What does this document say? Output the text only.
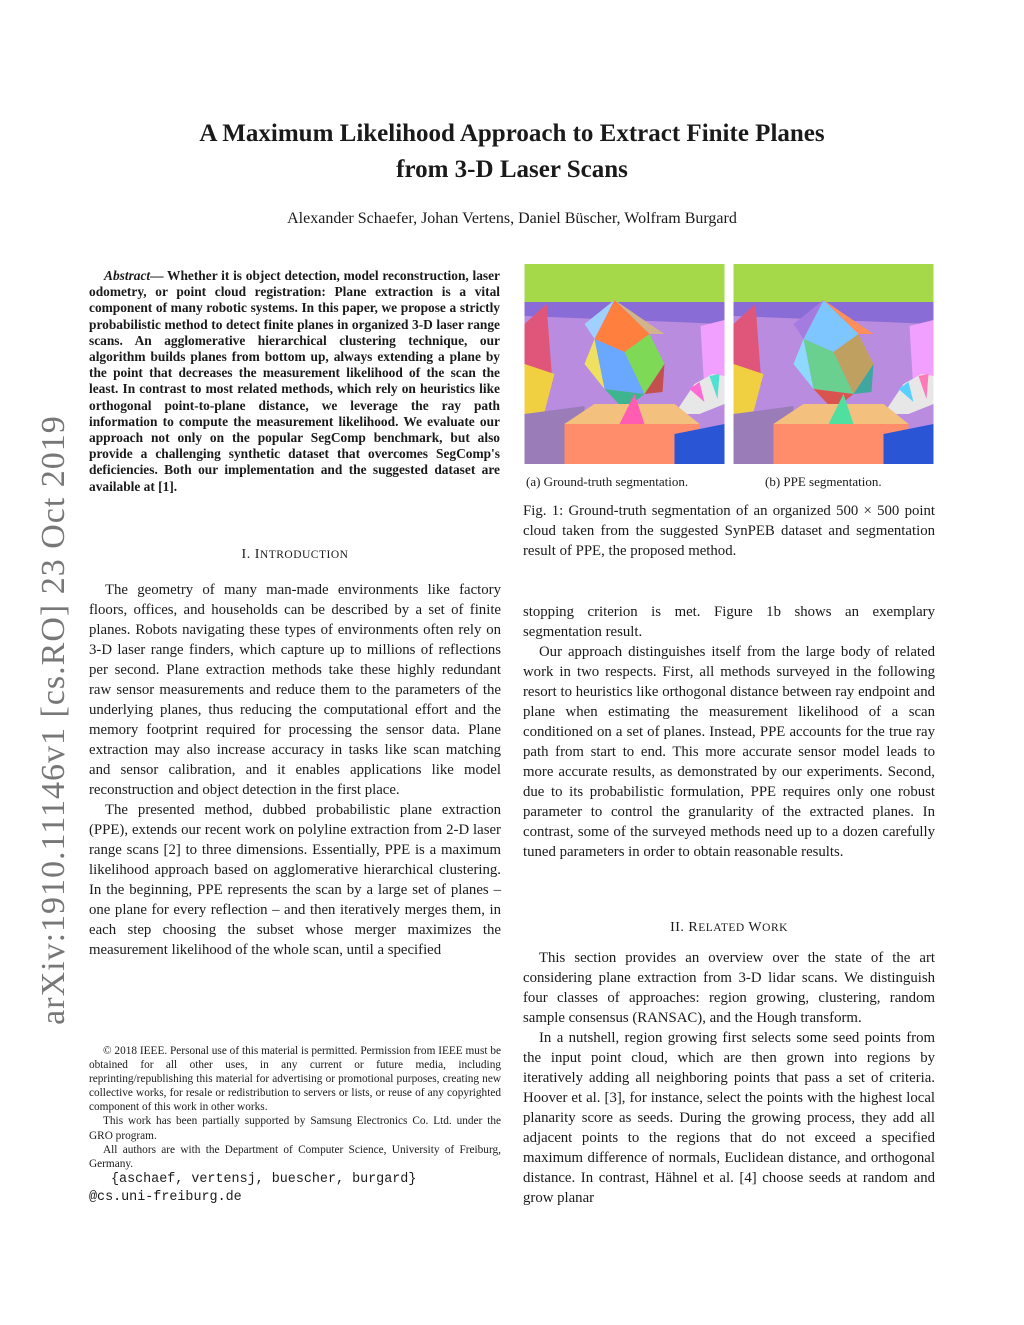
arXiv:1910.11146v1 [cs.RO] 23 Oct 2019
A Maximum Likelihood Approach to Extract Finite Planes
from 3-D Laser Scans
Alexander Schaefer, Johan Vertens, Daniel Büscher, Wolfram Burgard
Abstract— Whether it is object detection, model reconstruction, laser odometry, or point cloud registration: Plane extraction is a vital component of many robotic systems. In this paper, we propose a strictly probabilistic method to detect finite planes in organized 3-D laser range scans. An agglomerative hierarchical clustering technique, our algorithm builds planes from bottom up, always extending a plane by the point that decreases the measurement likelihood of the scan the least. In contrast to most related methods, which rely on heuristics like orthogonal point-to-plane distance, we leverage the ray path information to compute the measurement likelihood. We evaluate our approach not only on the popular SegComp benchmark, but also provide a challenging synthetic dataset that overcomes SegComp's deficiencies. Both our implementation and the suggested dataset are available at [1].
I. INTRODUCTION

The geometry of many man-made environments like factory floors, offices, and households can be described by a set of finite planes. Robots navigating these types of environments often rely on 3-D laser range finders, which capture up to millions of reflections per second. Plane extraction methods take these highly redundant raw sensor measurements and reduce them to the parameters of the underlying planes, thus reducing the computational effort and the memory footprint required for processing the sensor data. Plane extraction may also increase accuracy in tasks like scan matching and sensor calibration, and it enables applications like model reconstruction and object detection in the first place.

The presented method, dubbed probabilistic plane extraction (PPE), extends our recent work on polyline extraction from 2-D laser range scans [2] to three dimensions. Essentially, PPE is a maximum likelihood approach based on agglomerative hierarchical clustering. In the beginning, PPE represents the scan by a large set of planes – one plane for every reflection – and then iteratively merges them, in each step choosing the subset whose merger maximizes the measurement likelihood of the whole scan, until a specified

© 2018 IEEE. Personal use of this material is permitted. Permission from IEEE must be obtained for all other uses, in any current or future media, including reprinting/republishing this material for advertising or promotional purposes, creating new collective works, for resale or redistribution to servers or lists, or reuse of any copyrighted component of this work in other works.

This work has been partially supported by Samsung Electronics Co. Ltd. under the GRO program.

All authors are with the Department of Computer Science, University of Freiburg, Germany.

{aschaef, vertensj, buescher, burgard}
@cs.uni-freiburg.de
(a) Ground-truth segmentation.	(b) PPE segmentation.
Fig. 1: Ground-truth segmentation of an organized 500 × 500 point cloud taken from the suggested SynPEB dataset and segmentation result of PPE, the proposed method.

stopping criterion is met. Figure 1b shows an exemplary segmentation result.

Our approach distinguishes itself from the large body of related work in two respects. First, all methods surveyed in the following resort to heuristics like orthogonal distance between ray endpoint and plane when estimating the measurement likelihood of a scan conditioned on a set of planes. Instead, PPE accounts for the true ray path from start to end. This more accurate sensor model leads to more accurate results, as demonstrated by our experiments. Second, due to its probabilistic formulation, PPE requires only one robust parameter to control the granularity of the extracted planes. In contrast, some of the surveyed methods need up to a dozen carefully tuned parameters in order to obtain reasonable results.

II. RELATED WORK

This section provides an overview over the state of the art considering plane extraction from 3-D lidar scans. We distinguish four classes of approaches: region growing, clustering, random sample consensus (RANSAC), and the Hough transform.

In a nutshell, region growing first selects some seed points from the input point cloud, which are then grown into regions by iteratively adding all neighboring points that pass a set of criteria. Hoover et al. [3], for instance, select the points with the highest local planarity score as seeds. During the growing process, they add all adjacent points to the regions that do not exceed a specified maximum difference of normals, Euclidean distance, and orthogonal distance. In contrast, Hähnel et al. [4] choose seeds at random and grow planar
